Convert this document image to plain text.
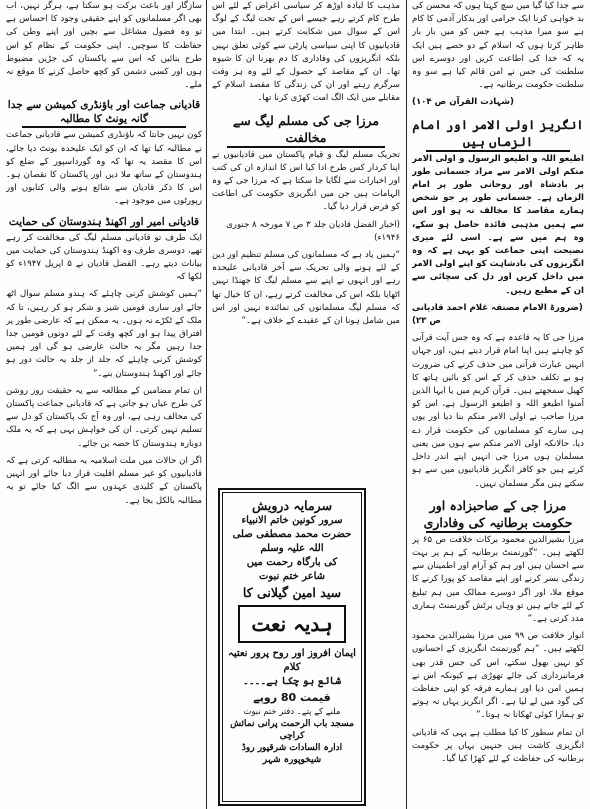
سے جدا کیا گیا میں سچ کہتا ہوں کہ محسن کی بد خواہی کرنا ایک حرامی اور بدکار آدمی کا کام ہے سو میرا مذہب ہے جس کو میں بار بار ظاہر کرتا ہوں کہ اسلام کے دو حصے ہیں ایک یہ کہ خدا کی اطاعت کریں اور دوسرے اس سلطنت کی جس نے امن قائم کیا ہے سو وہ سلطنت حکومت برطانیہ ہے۔

(شہادت القرآن ص ۱۰۴)

انگریز اولی الامر اور امام الزماں ہیں

اطیعو اللہ و اطیعو الرسول و اولی الامر منکم اولی الامر سے مراد جسمانی طور پر بادشاہ اور روحانی طور پر امام الزماں ہے۔ جسمانی طور پر جو شخص ہمارے مقاصد کا مخالف نہ ہو اور اس سے ہمیں مذہبی فائدہ حاصل ہو سکے، وہ ہم میں سے ہے۔ اسی لئے میری نصیحت اپنی جماعت کو یہی ہے کہ وہ انگریزوں کی بادشاہت کو اپنے اولی الامر میں داخل کریں اور دل کی سچائی سے ان کے مطیع رہیں۔

(ضرورۃ الامام مصنفہ غلام احمد قادیانی ص ۲۳)

مرزا جی کا یہ قاعدہ ہے کہ وہ جس آیت قرآنی کو چاہتے ہیں اپنا امام قرار دیتے ہیں، اور جہاں انہیں عبارت قرآنی میں حذف کرنے کی ضرورت ہو بے تکلف حذف کر کے اس کو بائیں ہاتھ کا کھیل سمجھتے ہیں۔ قرآن کریم میں یا ایہا الذین آمنوا اطیعو اللہ و اطیعو الرسول ہے، اس کو مرزا صاحب نے اولی الامر منکم بنا دیا اور یوں ہی سارے کو مسلمانوں کی حکومت قرار دے دیا، حالانکہ اولی الامر منکم سے ہوں میں یعنی مسلمان ہوں مرزا جی انہیں اپنے اندر داخل کرتے ہیں جو کافر انگریز قادیانیوں میں سے ہو سکتے ہیں مگر مسلمان نہیں۔

مرزا جی کے صاحبزادہ اور حکومت برطانیہ کی وفاداری

مرزا بشیرالدین محمود برکات خلافت ص ۶۵ پر لکھتے ہیں۔ “گورنمنٹ برطانیہ کے ہم پر بہت سے احسان ہیں اور ہم کو آرام اور اطمینان سے زندگی بسر کرنے اور اپنے مقاصد کو پورا کرنے کا موقع ملا، اور اگر دوسرے ممالک میں ہم تبلیغ کے لئے جاتے ہیں تو وہاں برٹش گورنمنٹ ہماری مدد کرتی ہے۔”

انوار خلافت ص ۹۹ میں مرزا بشیرالدین محمود لکھتے ہیں۔ “ہم گورنمنٹ انگریزی کے احسانوں کو نہیں بھول سکتے، اس کی جس قدر بھی فرمانبرداری کی جائے تھوڑی ہے کیونکہ اس نے ہمیں امن دیا اور ہمارے فرقہ کو اپنی حفاظت کی گود میں لے لیا ہے۔ اگر انگریز یہاں نہ ہوتے تو ہمارا کوئی ٹھکانا نہ ہوتا۔”

ان تمام سطور کا کیا مطلب ہے یہی کہ قادیانی انگریزی کاشت ہیں جنہیں یہاں پر حکومت برطانیہ کی حفاظت کے لئے کھڑا کیا گیا۔

مذہب کا لبادہ اوڑھ کر سیاسی اغراض کے لئے اس طرح کام کرتے رہے جیسے اس کے تحت لیگ کے لوگ اس کے سوال میں شکایت کرتے ہیں۔ ابتدا میں قادیانیوں کا اپنی سیاسی پارٹی سے کوئی تعلق نہیں بلکہ انگریزوں کی وفاداری کا دم بھرنا ان کا شیوہ تھا۔ ان کے مقاصد کے حصول کے لئے وہ ہر وقت سرگرم رہتے اور ان کی زندگی کا مقصد اسلام کے مقابلے میں ایک الگ امت کھڑی کرنا تھا۔

مرزا جی کی مسلم لیگ سے مخالفت

تحریک مسلم لیگ و قیام پاکستان میں قادیانیوں نے اپنا کردار کس طرح ادا کیا اس کا اندازہ ان کی کتب اور اخبارات سے لگایا جا سکتا ہے کہ مرزا جی کے وہ الہامات ہیں جن میں انگریزی حکومت کی اطاعت کو فرض قرار دیا گیا۔

(اخبار الفضل قادیان جلد ۳ ص ۷ مورخہ ۸ جنوری ۱۹۴۶ء)

“ہمیں یاد ہے کہ مسلمانوں کی مسلم تنظیم اور دین کے لئے ہونے والی تحریک سے آخر قادیانی علیحدہ رہے اور انہوں نے اپنے سے مسلم لیگ کا جھنڈا نہیں اٹھایا بلکہ اس کی مخالفت کرتے رہے، ان کا خیال تھا کہ مسلم لیگ مسلمانوں کی نمائندہ نہیں اور اس میں شامل ہونا ان کے عقیدے کے خلاف ہے۔”

سازگار اور باعث برکت ہو سکتا ہے، ہرگز نہیں، اب بھی اگر مسلمانوں کو اپنے حقیقی وجود کا احساس ہے تو وہ فضول مشاغل سے بچیں اور اپنے وطن کی حفاظت کا سوچیں۔ اپنی حکومت کے نظام کو اس طرح بنائیں کہ اس سے پاکستان کی جڑیں مضبوط ہوں اور کسی دشمن کو کچھ حاصل کرنے کا موقع نہ ملے۔

قادیانی جماعت اور باؤنڈری کمیشن سے جدا گانہ یونٹ کا مطالبہ

کون نہیں جانتا کہ باؤنڈری کمیشن سے قادیانی جماعت نے مطالبہ کیا تھا کہ ان کو ایک علیحدہ یونٹ دیا جائے، اس کا مقصد یہ تھا کہ وہ گورداسپور کے ضلع کو ہندوستان کے ساتھ ملا دیں اور پاکستان کا نقصان ہو۔ اس کا ذکر قادیان سے شائع ہونے والی کتابوں اور رپورٹوں میں موجود ہے۔

قادیانی امیر اور اکھنڈ ہندوستان کی حمایت

ایک طرف تو قادیانی مسلم لیگ کی مخالفت کر رہے تھے، دوسری طرف وہ اکھنڈ ہندوستان کی حمایت میں بیانات دیتے رہے۔ الفضل قادیان نے ۵ اپریل ۱۹۴۷ء کو لکھا کہ

“ہمیں کوشش کرنی چاہئے کہ ہندو مسلم سوال اٹھ جائے اور ساری قومیں شیر و شکر ہو کر رہیں، تا کہ ملک کے ٹکڑے نہ ہوں۔ یہ ممکن ہے کہ عارضی طور پر افتراق پیدا ہو اور کچھ وقت کے لئے دونوں قومیں جدا جدا رہیں مگر یہ حالت عارضی ہو گی اور ہمیں کوشش کرنی چاہئے کہ جلد از جلد یہ حالت دور ہو جائے اور اکھنڈ ہندوستان بنے۔”

ان تمام مضامین کے مطالعہ سے یہ حقیقت روز روشن کی طرح عیاں ہو جاتی ہے کہ قادیانی جماعت پاکستان کی مخالف رہی ہے، اور وہ آج تک پاکستان کو دل سے تسلیم نہیں کرتی۔ ان کی خواہش یہی ہے کہ یہ ملک دوبارہ ہندوستان کا حصہ بن جائے۔

اگر ان حالات میں ملت اسلامیہ یہ مطالبہ کرتی ہے کہ قادیانیوں کو غیر مسلم اقلیت قرار دیا جائے اور انہیں پاکستان کے کلیدی عہدوں سے الگ کیا جائے تو یہ مطالبہ بالکل بجا ہے۔	سرمایہ درویش

سرور کونین خاتم الانبیاء

حضرت محمد مصطفی صلی اللہ علیہ وسلم

کی بارگاہ رحمت میں

شاعر ختم نبوت

سید امین گیلانی کا

ہدیہ نعت

ایمان افروز اور روح پرور نعتیہ کلام

شائع ہو چکا ہے۔۔۔۔

قیمت 80 روپے

ملنے کے پتے۔ دفتر ختم نبوت

مسجد باب الرحمت پرانی نمائش کراچی

ادارہ السادات شرقپور روڈ شیخوپورہ شہر
